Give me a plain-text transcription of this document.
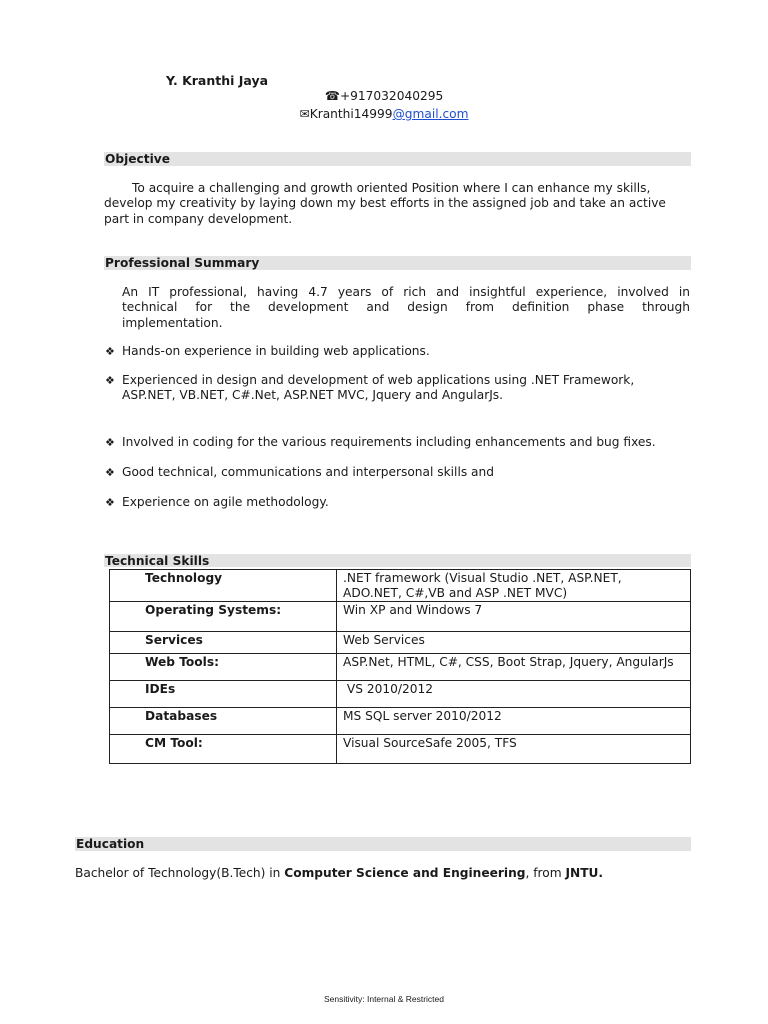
Y. Kranthi Jaya
☎+917032040295
✉Kranthi14999@gmail.com
Objective
To acquire a challenging and growth oriented Position where I can enhance my skills,
develop my creativity by laying down my best efforts in the assigned job and take an active
part in company development.
Professional Summary
An IT professional, having 4.7 years of rich and insightful experience, involved in
technical for the development and design from definition phase through
implementation.
❖ Hands-on experience in building web applications.
❖ Experienced in design and development of web applications using .NET Framework,
ASP.NET, VB.NET, C#.Net, ASP.NET MVC, Jquery and AngularJs.
❖ Involved in coding for the various requirements including enhancements and bug fixes.
❖ Good technical, communications and interpersonal skills and
❖ Experience on agile methodology.
Technical Skills
Technology	.NET framework (Visual Studio .NET, ASP.NET,
ADO.NET, C#,VB and ASP .NET MVC)

Operating Systems:	Win XP and Windows 7
Services	Web Services
Web Tools:	ASP.Net, HTML, C#, CSS, Boot Strap, Jquery, AngularJs
IDEs	VS 2010/2012
Databases	MS SQL server 2010/2012
CM Tool:	Visual SourceSafe 2005, TFS
Education
Bachelor of Technology(B.Tech) in Computer Science and Engineering, from JNTU.
Sensitivity: Internal & Restricted
